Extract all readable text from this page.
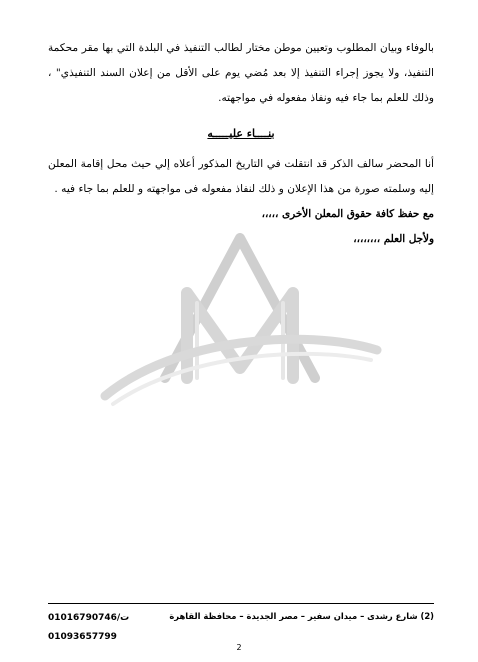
بالوفاء وبيان المطلوب وتعيين موطن مختار لطالب التنفيذ في البلدة التي بها مقر محكمة التنفيذ، ولا يجوز إجراء التنفيذ إلا بعد مُضي يوم على الأقل من إعلان السند التنفيذي" ، وذلك للعلم بما جاء فيه ونفاذ مفعوله في مواجهته.

بنــــاء عليـــــه

أنا المحضر سالف الذكر قد انتقلت في التاريخ المذكور أعلاه إلي حيث محل إقامة المعلن إليه وسلمته صورة من هذا الإعلان و ذلك لنفاذ مفعوله فى مواجهته و للعلم بما جاء فيه .

مع حفظ كافة حقوق المعلن الأخرى ،،،،،

ولأجل العلم ،،،،،،،،

(2) شارع رشدى – ميدان سفير – مصر الجديدة – محافظة القاهرة
ت/01016790746
01093657799
2
